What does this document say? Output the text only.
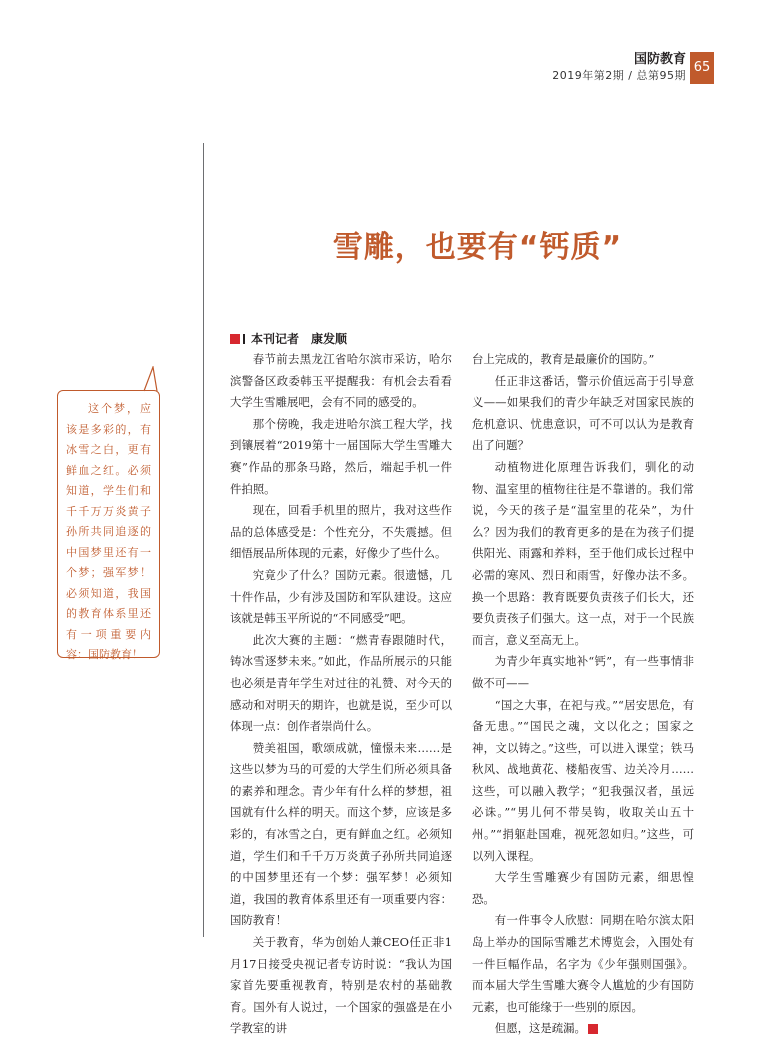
国防教育
2019年第2期 / 总第95期
65
雪雕，也要有“钙质”
本刊记者 康发顺

这个梦，应该是多彩的，有冰雪之白，更有鲜血之红。必须知道，学生们和千千万万炎黄子孙所共同追逐的中国梦里还有一个梦；强军梦！必须知道，我国的教育体系里还有一项重要内容：国防教育！

春节前去黑龙江省哈尔滨市采访，哈尔滨警备区政委韩玉平提醒我：有机会去看看大学生雪雕展吧，会有不同的感受的。

那个傍晚，我走进哈尔滨工程大学，找到镶展着“2019第十一届国际大学生雪雕大赛”作品的那条马路，然后，端起手机一件件拍照。

现在，回看手机里的照片，我对这些作品的总体感受是：个性充分，不失震撼。但细悟展品所体现的元素，好像少了些什么。

究竟少了什么？国防元素。很遗憾，几十件作品，少有涉及国防和军队建设。这应该就是韩玉平所说的“不同感受”吧。

此次大赛的主题：“燃青春跟随时代，铸冰雪逐梦未来。”如此，作品所展示的只能也必须是青年学生对过往的礼赞、对今天的感动和对明天的期许，也就是说，至少可以体现一点：创作者崇尚什么。

赞美祖国，歌颂成就，憧憬未来……是这些以梦为马的可爱的大学生们所必须具备的素养和理念。青少年有什么样的梦想，祖国就有什么样的明天。而这个梦，应该是多彩的，有冰雪之白，更有鲜血之红。必须知道，学生们和千千万万炎黄子孙所共同追逐的中国梦里还有一个梦：强军梦！必须知道，我国的教育体系里还有一项重要内容：国防教育！

关于教育，华为创始人兼CEO任正非1月17日接受央视记者专访时说：“我认为国家首先要重视教育，特别是农村的基础教育。国外有人说过，一个国家的强盛是在小学教室的讲

台上完成的，教育是最廉价的国防。”

任正非这番话，警示价值远高于引导意义——如果我们的青少年缺乏对国家民族的危机意识、忧患意识，可不可以认为是教育出了问题？

动植物进化原理告诉我们，驯化的动物、温室里的植物往往是不靠谱的。我们常说，今天的孩子是“温室里的花朵”，为什么？因为我们的教育更多的是在为孩子们提供阳光、雨露和养料，至于他们成长过程中必需的寒风、烈日和雨雪，好像办法不多。换一个思路：教育既要负责孩子们长大，还要负责孩子们强大。这一点，对于一个民族而言，意义至高无上。

为青少年真实地补“钙”，有一些事情非做不可——

“国之大事，在祀与戎。”“居安思危，有备无患。”“国民之魂，文以化之；国家之神，文以铸之。”这些，可以进入课堂；铁马秋风、战地黄花、楼船夜雪、边关冷月……这些，可以融入教学；“犯我强汉者，虽远必诛。”“男儿何不带吴钩，收取关山五十州。”“捐躯赴国难，视死忽如归。”这些，可以列入课程。

大学生雪雕赛少有国防元素，细思惶恐。

有一件事令人欣慰：同期在哈尔滨太阳岛上举办的国际雪雕艺术博览会，入围处有一件巨幅作品，名字为《少年强则国强》。而本届大学生雪雕大赛令人尴尬的少有国防元素，也可能缘于一些别的原因。

但愿，这是疏漏。	G
